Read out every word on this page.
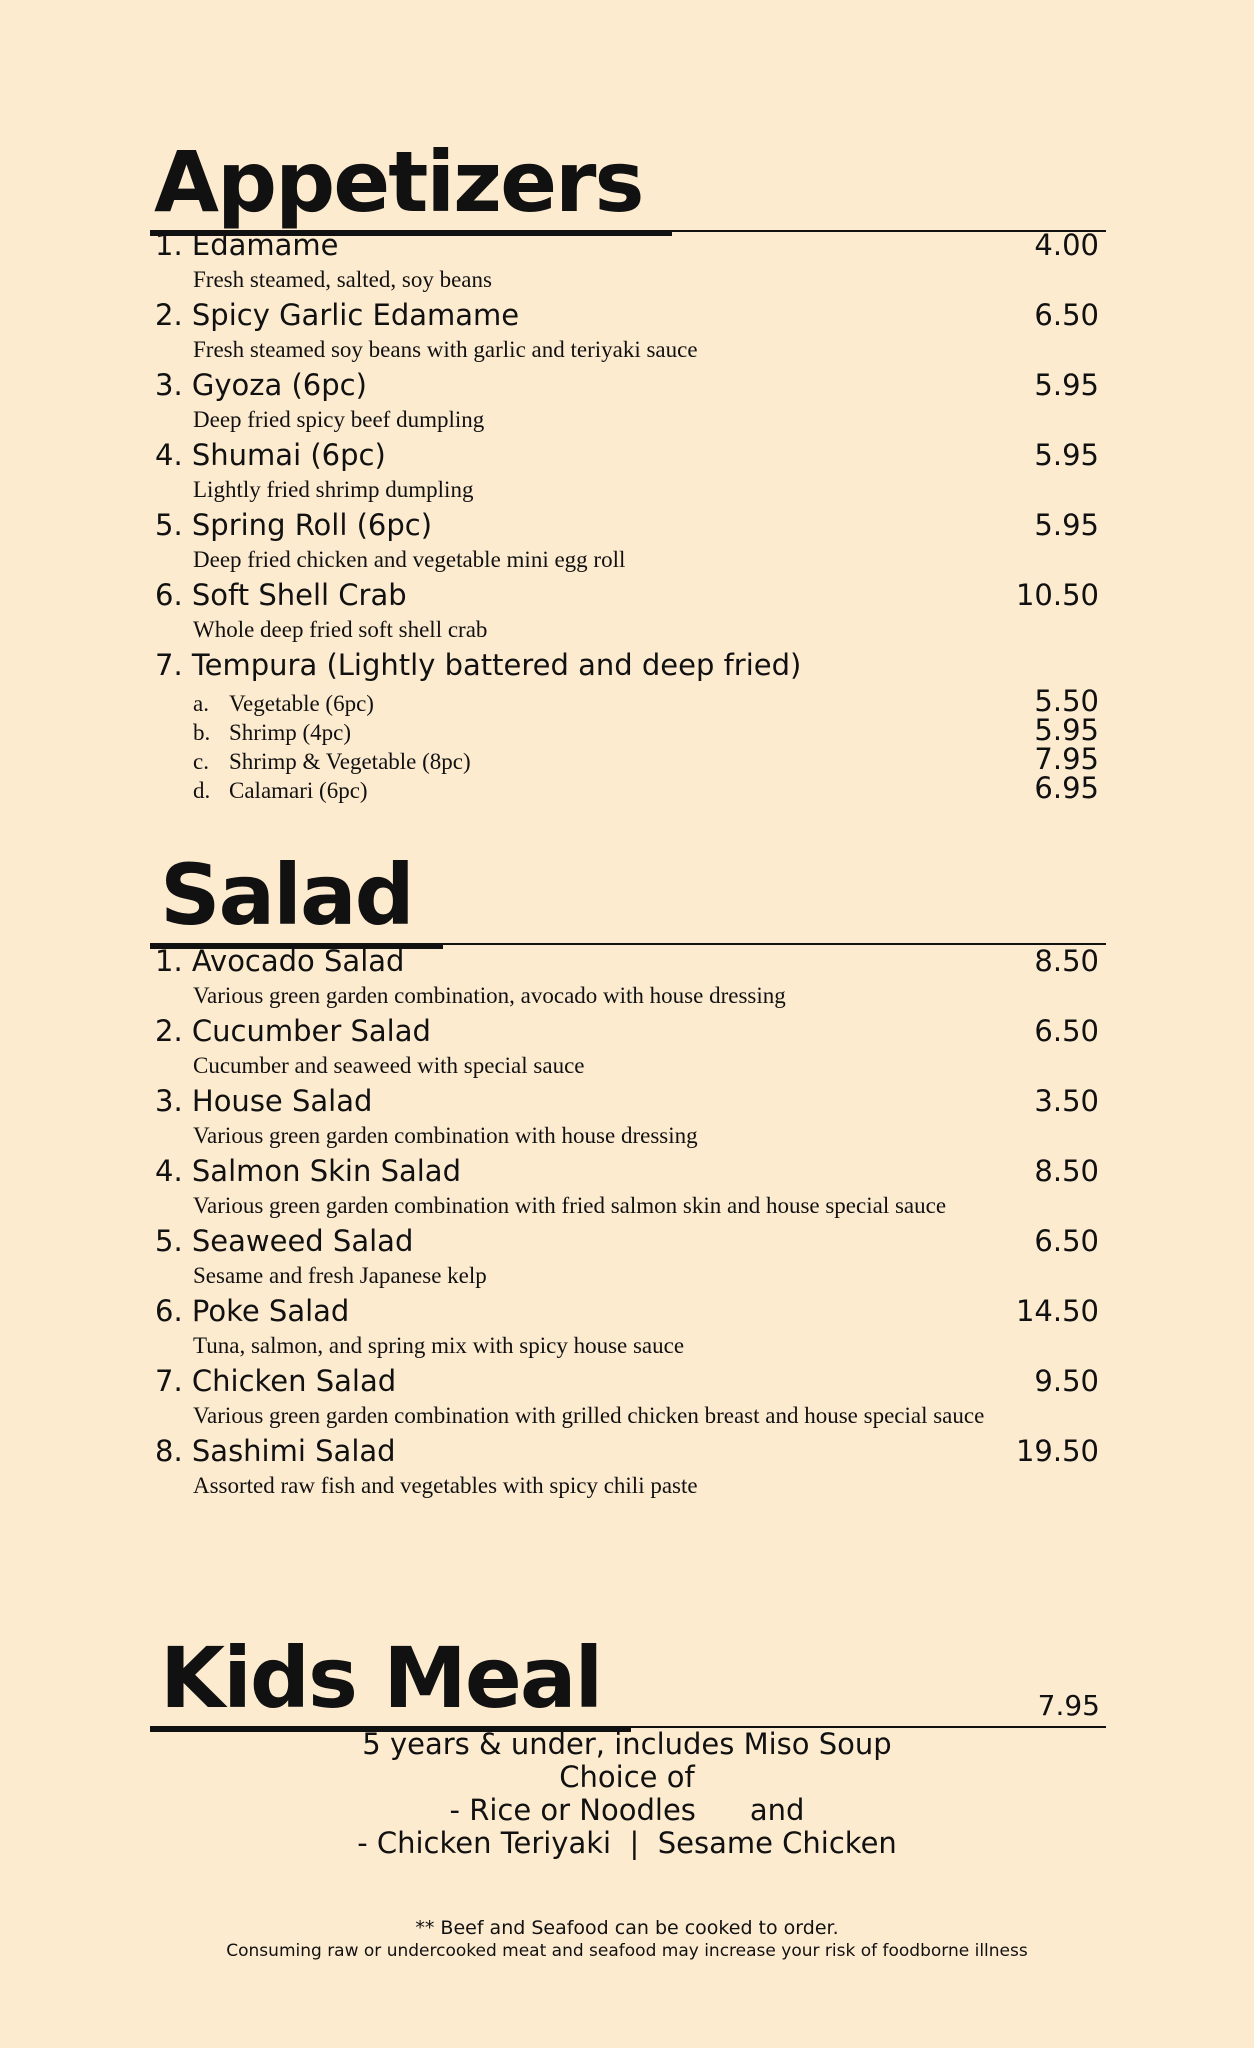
Appetizers
1. Edamame	4.00
Fresh steamed, salted, soy beans
2. Spicy Garlic Edamame	6.50
Fresh steamed soy beans with garlic and teriyaki sauce
3. Gyoza (6pc)	5.95
Deep fried spicy beef dumpling
4. Shumai (6pc)	5.95
Lightly fried shrimp dumpling
5. Spring Roll (6pc)	5.95
Deep fried chicken and vegetable mini egg roll
6. Soft Shell Crab	10.50
Whole deep fried soft shell crab
7. Tempura (Lightly battered and deep fried)
a. Vegetable (6pc)	5.50
b. Shrimp (4pc)	5.95
c. Shrimp & Vegetable (8pc)	7.95
d. Calamari (6pc)	6.95
Salad
1. Avocado Salad	8.50
Various green garden combination, avocado with house dressing
2. Cucumber Salad	6.50
Cucumber and seaweed with special sauce
3. House Salad	3.50
Various green garden combination with house dressing
4. Salmon Skin Salad	8.50
Various green garden combination with fried salmon skin and house special sauce
5. Seaweed Salad	6.50
Sesame and fresh Japanese kelp
6. Poke Salad	14.50
Tuna, salmon, and spring mix with spicy house sauce
7. Chicken Salad	9.50
Various green garden combination with grilled chicken breast and house special sauce
8. Sashimi Salad	19.50
Assorted raw fish and vegetables with spicy chili paste
Kids Meal	7.95
5 years & under, includes Miso Soup
Choice of
- Rice or Noodles and
- Chicken Teriyaki  |  Sesame Chicken
** Beef and Seafood can be cooked to order.
Consuming raw or undercooked meat and seafood may increase your risk of foodborne illness
